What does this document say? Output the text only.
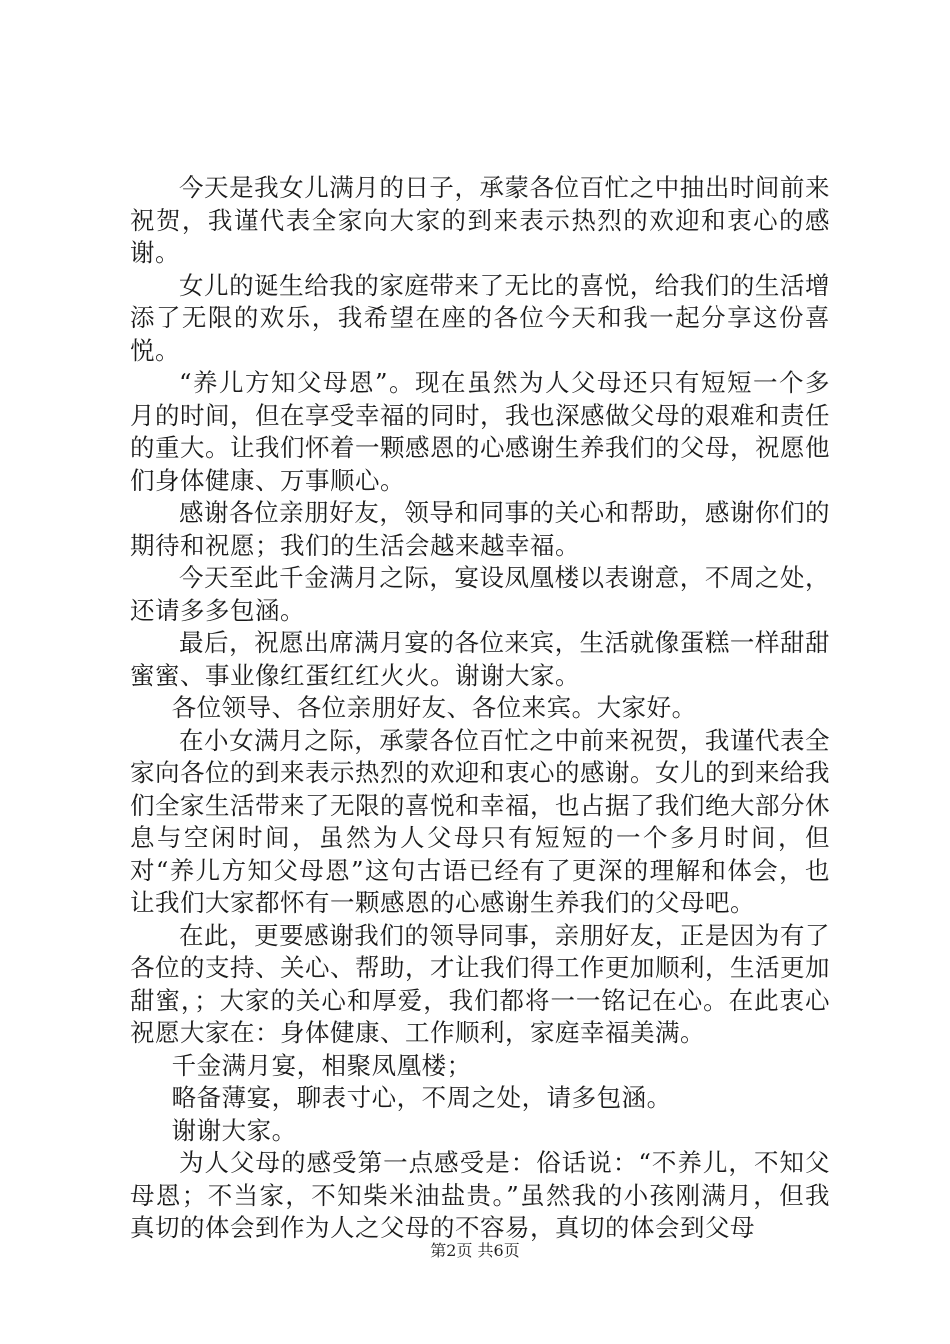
今天是我女儿满月的日子，承蒙各位百忙之中抽出时间前来祝贺，我谨代表全家向大家的到来表示热烈的欢迎和衷心的感谢。

女儿的诞生给我的家庭带来了无比的喜悦，给我们的生活增添了无限的欢乐，我希望在座的各位今天和我一起分享这份喜悦。

“养儿方知父母恩”。现在虽然为人父母还只有短短一个多月的时间，但在享受幸福的同时，我也深感做父母的艰难和责任的重大。让我们怀着一颗感恩的心感谢生养我们的父母，祝愿他们身体健康、万事顺心。

感谢各位亲朋好友，领导和同事的关心和帮助，感谢你们的期待和祝愿；我们的生活会越来越幸福。

今天至此千金满月之际，宴设凤凰楼以表谢意，不周之处，还请多多包涵。

最后，祝愿出席满月宴的各位来宾，生活就像蛋糕一样甜甜蜜蜜、事业像红蛋红红火火。谢谢大家。

各位领导、各位亲朋好友、各位来宾。大家好。

在小女满月之际，承蒙各位百忙之中前来祝贺，我谨代表全家向各位的到来表示热烈的欢迎和衷心的感谢。女儿的到来给我们全家生活带来了无限的喜悦和幸福，也占据了我们绝大部分休息与空闲时间，虽然为人父母只有短短的一个多月时间，但对“养儿方知父母恩”这句古语已经有了更深的理解和体会，也让我们大家都怀有一颗感恩的心感谢生养我们的父母吧。

在此，更要感谢我们的领导同事，亲朋好友，正是因为有了各位的支持、关心、帮助，才让我们得工作更加顺利，生活更加甜蜜，；大家的关心和厚爱，我们都将一一铭记在心。在此衷心祝愿大家在：身体健康、工作顺利，家庭幸福美满。

千金满月宴，相聚凤凰楼；

略备薄宴，聊表寸心，不周之处，请多包涵。

谢谢大家。

为人父母的感受第一点感受是：俗话说：“不养儿，不知父母恩；不当家，不知柴米油盐贵。”虽然我的小孩刚满月，但我真切的体会到作为人之父母的不容易，真切的体会到父母

第2页 共6页
